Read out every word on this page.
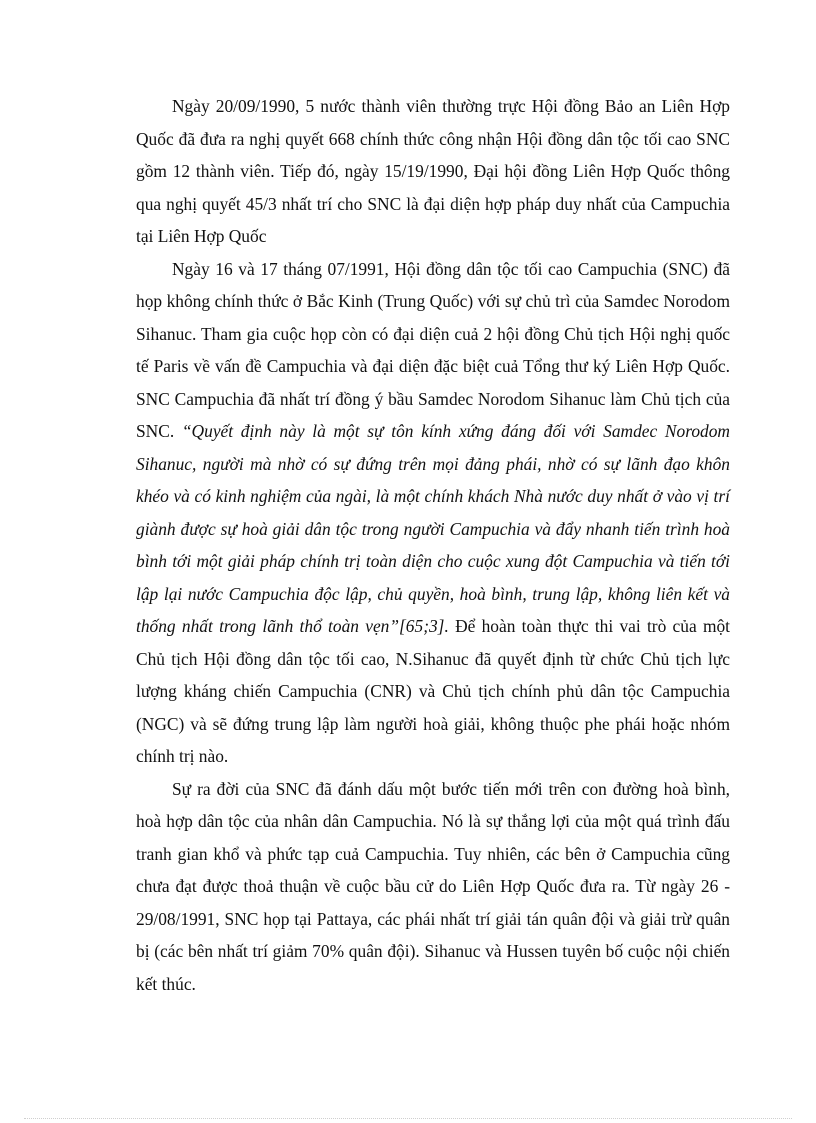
Ngày 20/09/1990, 5 nước thành viên thường trực Hội đồng Bảo an Liên Hợp Quốc đã đưa ra nghị quyết 668 chính thức công nhận Hội đồng dân tộc tối cao SNC gồm 12 thành viên. Tiếp đó, ngày 15/19/1990, Đại hội đồng Liên Hợp Quốc thông qua nghị quyết 45/3 nhất trí cho SNC là đại diện hợp pháp duy nhất của Campuchia tại Liên Hợp Quốc

Ngày 16 và 17 tháng 07/1991, Hội đồng dân tộc tối cao Campuchia (SNC) đã họp không chính thức ở Bắc Kinh (Trung Quốc) với sự chủ trì của Samdec Norodom Sihanuc. Tham gia cuộc họp còn có đại diện cuả 2 hội đồng Chủ tịch Hội nghị quốc tế Paris về vấn đề Campuchia và đại diện đặc biệt cuả Tổng thư ký Liên Hợp Quốc. SNC Campuchia đã nhất trí đồng ý bầu Samdec Norodom Sihanuc làm Chủ tịch của SNC. “Quyết định này là một sự tôn kính xứng đáng đối với Samdec Norodom Sihanuc, người mà nhờ có sự đứng trên mọi đảng phái, nhờ có sự lãnh đạo khôn khéo và có kinh nghiệm của ngài, là một chính khách Nhà nước duy nhất ở vào vị trí giành được sự hoà giải dân tộc trong người Campuchia và đẩy nhanh tiến trình hoà bình tới một giải pháp chính trị toàn diện cho cuộc xung đột Campuchia và tiến tới lập lại nước Campuchia độc lập, chủ quyền, hoà bình, trung lập, không liên kết và thống nhất trong lãnh thổ toàn vẹn”[65;3]. Để hoàn toàn thực thi vai trò của một Chủ tịch Hội đồng dân tộc tối cao, N.Sihanuc đã quyết định từ chức Chủ tịch lực lượng kháng chiến Campuchia (CNR) và Chủ tịch chính phủ dân tộc Campuchia (NGC) và sẽ đứng trung lập làm người hoà giải, không thuộc phe phái hoặc nhóm chính trị nào.

Sự ra đời của SNC đã đánh dấu một bước tiến mới trên con đường hoà bình, hoà hợp dân tộc của nhân dân Campuchia. Nó là sự thắng lợi của một quá trình đấu tranh gian khổ và phức tạp cuả Campuchia. Tuy nhiên, các bên ở Campuchia cũng chưa đạt được thoả thuận về cuộc bầu cử do Liên Hợp Quốc đưa ra. Từ ngày 26 - 29/08/1991, SNC họp tại Pattaya, các phái nhất trí giải tán quân đội và giải trừ quân bị (các bên nhất trí giảm 70% quân đội). Sihanuc và Hussen tuyên bố cuộc nội chiến kết thúc.
